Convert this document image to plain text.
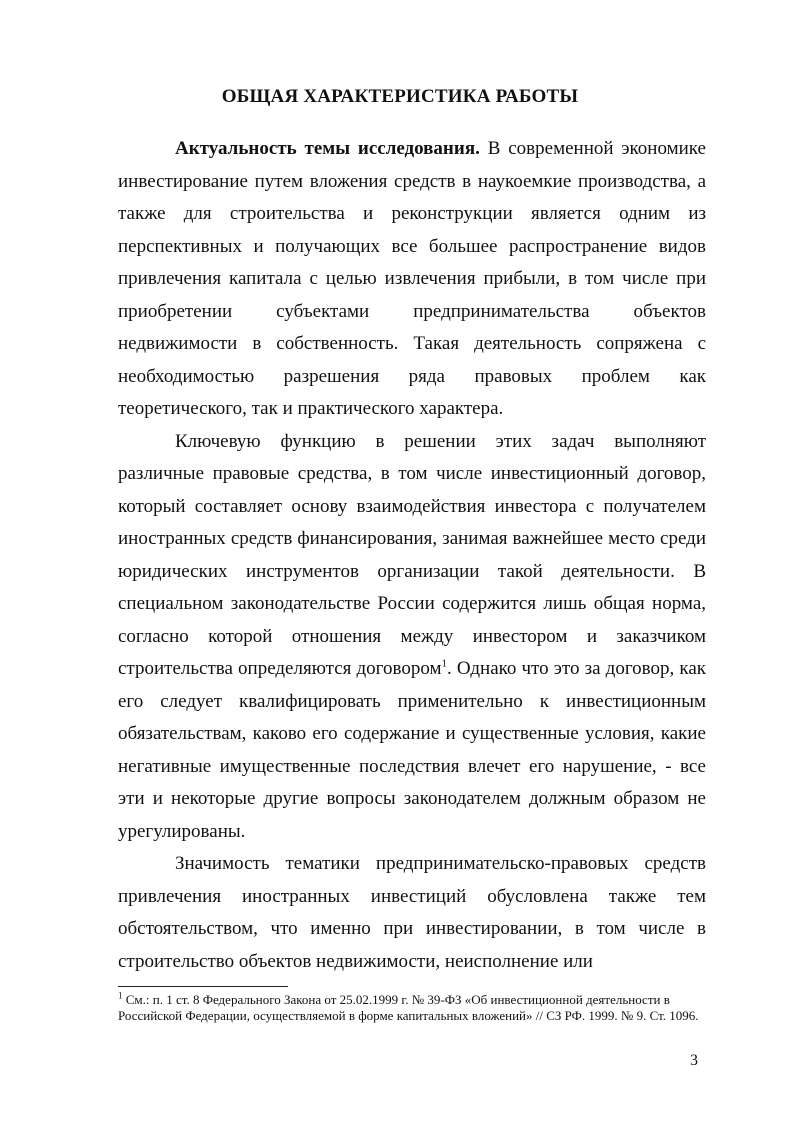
ОБЩАЯ ХАРАКТЕРИСТИКА РАБОТЫ

Актуальность темы исследования. В современной экономике инвестирование путем вложения средств в наукоемкие производства, а также для строительства и реконструкции является одним из перспективных и получающих все большее распространение видов привлечения капитала с целью извлечения прибыли, в том числе при приобретении субъектами предпринимательства объектов недвижимости в собственность. Такая деятельность сопряжена с необходимостью разрешения ряда правовых проблем как теоретического, так и практического характера.

Ключевую функцию в решении этих задач выполняют различные правовые средства, в том числе инвестиционный договор, который составляет основу взаимодействия инвестора с получателем иностранных средств финансирования, занимая важнейшее место среди юридических инструментов организации такой деятельности. В специальном законодательстве России содержится лишь общая норма, согласно которой отношения между инвестором и заказчиком строительства определяются договором$^1$. Однако что это за договор, как его следует квалифицировать применительно к инвестиционным обязательствам, каково его содержание и существенные условия, какие негативные имущественные последствия влечет его нарушение, - все эти и некоторые другие вопросы законодателем должным образом не урегулированы.

Значимость тематики предпринимательско-правовых средств привлечения иностранных инвестиций обусловлена также тем обстоятельством, что именно при инвестировании, в том числе в строительство объектов недвижимости, неисполнение или

$^1$ См.: п. 1 ст. 8 Федерального Закона от 25.02.1999 г. № 39-ФЗ «Об инвестиционной деятельности в Российской Федерации, осуществляемой в форме капитальных вложений» // СЗ РФ. 1999. № 9. Ст. 1096.
3
